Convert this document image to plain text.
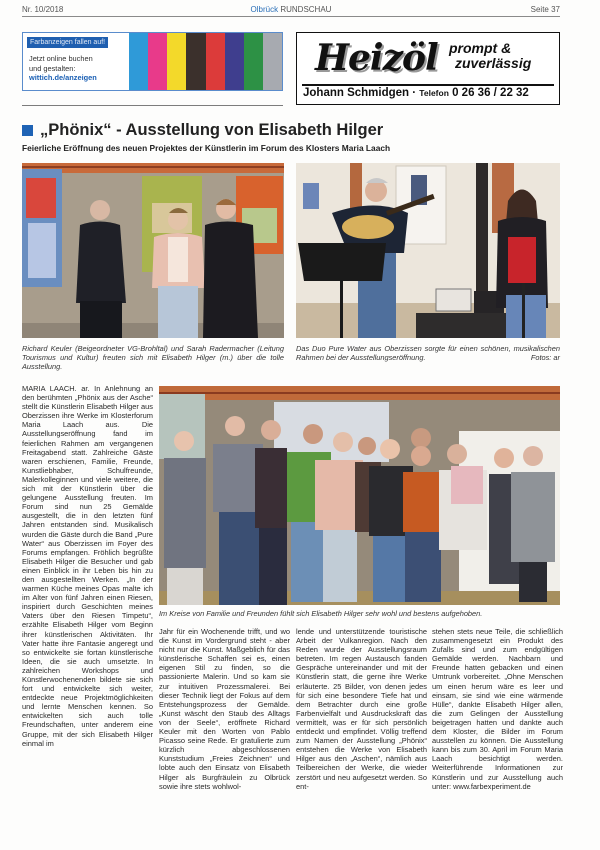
Nr. 10/2018	Olbrück RUNDSCHAU	Seite 37
Farbanzeigen fallen auf!
Jetzt online buchen
und gestalten:
wittich.de/anzeigen	Heizöl prompt &
zuverlässig
Johann Schmidgen · Telefon 0 26 36 / 22 32
„Phönix“ - Ausstellung von Elisabeth Hilger
Feierliche Eröffnung des neuen Projektes der Künstlerin im Forum des Klosters Maria Laach
Richard Keuler (Beigeordneter VG-Brohltal) und Sarah Radermacher (Leitung Tourismus und Kultur) freuten sich mit Elisabeth Hilger (m.) über die tolle Ausstellung.
Das Duo Pure Water aus Oberzissen sorgte für einen schönen, musikalischen Rahmen bei der Ausstellungseröffnung.	Fotos: ar
MARIA LAACH. ar. In Anlehnung an den berühmten „Phönix aus der Asche“ stellt die Künstlerin Elisabeth Hilger aus Oberzissen ihre Werke im Klosterforum Maria Laach aus. Die Ausstellungseröffnung fand im feierlichen Rahmen am vergangenen Freitagabend statt. Zahlreiche Gäste waren erschienen, Familie, Freunde, Kunstliebhaber, Schulfreunde, Malerkolleginnen und viele weitere, die sich mit der Künstlerin über die gelungene Ausstellung freuten. Im Forum sind nun 25 Gemälde ausgestellt, die in den letzten fünf Jahren entstanden sind. Musikalisch wurden die Gäste durch die Band „Pure Water“ aus Oberzissen im Foyer des Forums empfangen. Fröhlich begrüßte Elisabeth Hilger die Besucher und gab einen Einblick in ihr Leben bis hin zu den ausgestellten Werken. „In der warmen Küche meines Opas malte ich im Alter von fünf Jahren einen Riesen, inspiriert durch Geschichten meines Vaters über den Riesen Timpetu“, erzählte Elisabeth Hilger vom Beginn ihrer künstlerischen Aktivitäten. Ihr Vater hatte ihre Fantasie angeregt und so entwickelte sie fortan künstlerische Ideen, die sie auch umsetzte. In zahlreichen Workshops und Künstlerwochenenden bildete sie sich fort und entwickelte sich weiter, entdeckte neue Projektmöglichkeiten und lernte Menschen kennen. So entwickelten sich auch tolle Freundschaften, unter anderem eine Gruppe, mit der sich Elisabeth Hilger einmal im
Im Kreise von Familie und Freunden fühlt sich Elisabeth Hilger sehr wohl und bestens aufgehoben.
Jahr für ein Wochenende trifft, und wo die Kunst im Vordergrund steht - aber nicht nur die Kunst. Maßgeblich für das künstlerische Schaffen sei es, einen eigenen Stil zu finden, so die passionierte Malerin. Und so kam sie zur intuitiven Prozessmalerei. Bei dieser Technik liegt der Fokus auf dem Entstehungsprozess der Gemälde. „Kunst wäscht den Staub des Alltags von der Seele“, eröffnete Richard Keuler mit den Worten von Pablo Picasso seine Rede. Er gratulierte zum kürzlich abgeschlossenen Kunststudium „Freies Zeichnen“ und lobte auch den Einsatz von Elisabeth Hilger als Burgfräulein zu Olbrück sowie ihre stets wohlwol-
lende und unterstützende touristische Arbeit der Vulkanregion. Nach den Reden wurde der Ausstellungsraum betreten. Im regen Austausch fanden Gespräche untereinander und mit der Künstlerin statt, die gerne ihre Werke erläuterte. 25 Bilder, von denen jedes für sich eine besondere Tiefe hat und dem Betrachter durch eine große Farbenvielfalt und Ausdruckskraft das vermittelt, was er für sich persönlich entdeckt und empfindet. Völlig treffend zum Namen der Ausstellung „Phönix“ entstehen die Werke von Elisabeth Hilger aus den „Aschen“, nämlich aus Teilbereichen der Werke, die wieder zerstört und neu aufgesetzt werden. So ent-
stehen stets neue Teile, die schließlich zusammengesetzt ein Produkt des Zufalls sind und zum endgültigen Gemälde werden. Nachbarn und Freunde hatten gebacken und einen Umtrunk vorbereitet. „Ohne Menschen um einen herum wäre es leer und einsam, sie sind wie eine wärmende Hülle“, dankte Elisabeth Hilger allen, die zum Gelingen der Ausstellung beigetragen hatten und dankte auch dem Kloster, die Bilder im Forum ausstellen zu können. Die Ausstellung kann bis zum 30. April im Forum Maria Laach besichtigt werden. Weiterführende Informationen zur Künstlerin und zur Ausstellung auch unter: www.farbexperiment.de
